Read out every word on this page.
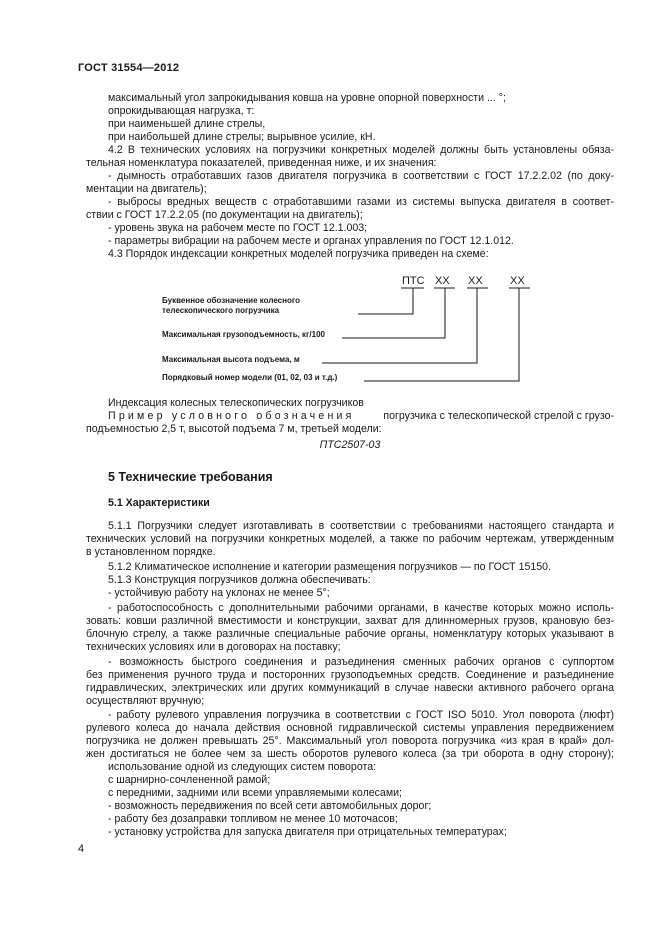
ГОСТ 31554—2012
максимальный угол запрокидывания ковша на уровне опорной поверхности ... °;
опрокидывающая нагрузка, т:
при наименьшей длине стрелы,
при наибольшей длине стрелы; вырывное усилие, кН.
4.2 В технических условиях на погрузчики конкретных моделей должны быть установлены обяза-
тельная номенклатура показателей, приведенная ниже, и их значения:
- дымность отработавших газов двигателя погрузчика в соответствии с ГОСТ 17.2.2.02 (по доку-
ментации на двигатель);
- выбросы вредных веществ с отработавшими газами из системы выпуска двигателя в соответ-
ствии с ГОСТ 17.2.2.05 (по документации на двигатель);
- уровень звука на рабочем месте по ГОСТ 12.1.003;
- параметры вибрации на рабочем месте и органах управления по ГОСТ 12.1.012.
4.3 Порядок индексации конкретных моделей погрузчика приведен на схеме:
ПТС XX XX XX
Буквенное обозначение колесного
телескопического погрузчика
Максимальная грузоподъемность, кг/100
Максимальная высота подъема, м
Порядковый номер модели (01, 02, 03 и т.д.)
Индексация колесных телескопических погрузчиков
Пример условного обозначения	погрузчика с телескопической стрелой с грузо-
подъемностью 2,5 т, высотой подъема 7 м, третьей модели:
ПТС2507-03
5 Технические требования
5.1 Характеристики
5.1.1 Погрузчики следует изготавливать в соответствии с требованиями настоящего стандарта и
технических условий на погрузчики конкретных моделей, а также по рабочим чертежам, утвержденным
в установленном порядке.
5.1.2 Климатическое исполнение и категории размещения погрузчиков — по ГОСТ 15150.
5.1.3 Конструкция погрузчиков должна обеспечивать:
- устойчивую работу на уклонах не менее 5°;
- работоспособность с дополнительными рабочими органами, в качестве которых можно исполь-
зовать: ковши различной вместимости и конструкции, захват для длинномерных грузов, крановую без-
блочную стрелу, а также различные специальные рабочие органы, номенклатуру которых указывают в
технических условиях или в договорах на поставку;
- возможность быстрого соединения и разъединения сменных рабочих органов с суппортом
без применения ручного труда и посторонних грузоподъемных средств. Соединение и разъединение
гидравлических, электрических или других коммуникаций в случае навески активного рабочего органа
осуществляют вручную;
- работу рулевого управления погрузчика в соответствии с ГОСТ ISO 5010. Угол поворота (люфт)
рулевого колеса до начала действия основной гидравлической системы управления передвижением
погрузчика не должен превышать 25°. Максимальный угол поворота погрузчика «из края в край» дол-
жен достигаться не более чем за шесть оборотов рулевого колеса (за три оборота в одну сторону);
использование одной из следующих систем поворота:
с шарнирно-сочлененной рамой;
с передними, задними или всеми управляемыми колесами;
- возможность передвижения по всей сети автомобильных дорог;
- работу без дозаправки топливом не менее 10 моточасов;
- установку устройства для запуска двигателя при отрицательных температурах;
4
